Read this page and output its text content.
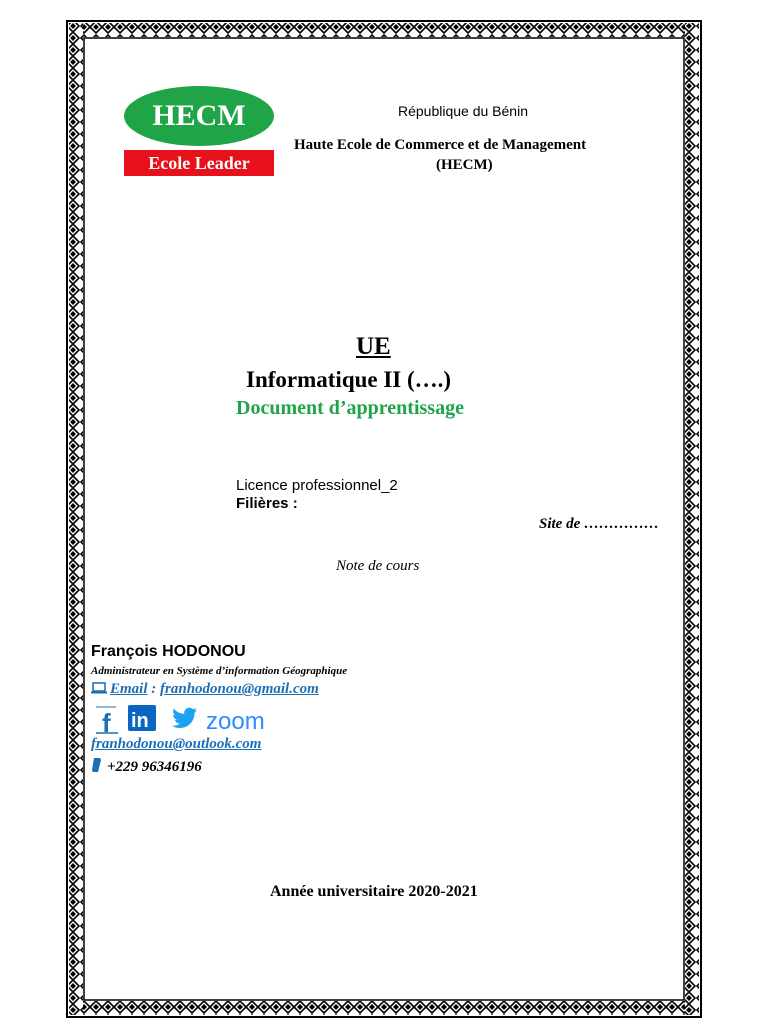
HECM
Ecole Leader
République du Bénin
Haute Ecole de Commerce et de Management
(HECM)
UE
Informatique II (….)
Document d’apprentissage
Licence professionnel_2
Filières :
Site de ……………
Note de cours
François HODONOU
Administrateur en Système d’information Géographique
Email : franhodonou@gmail.com
f in zoom
franhodonou@outlook.com
+229 96346196
Année universitaire 2020-2021
